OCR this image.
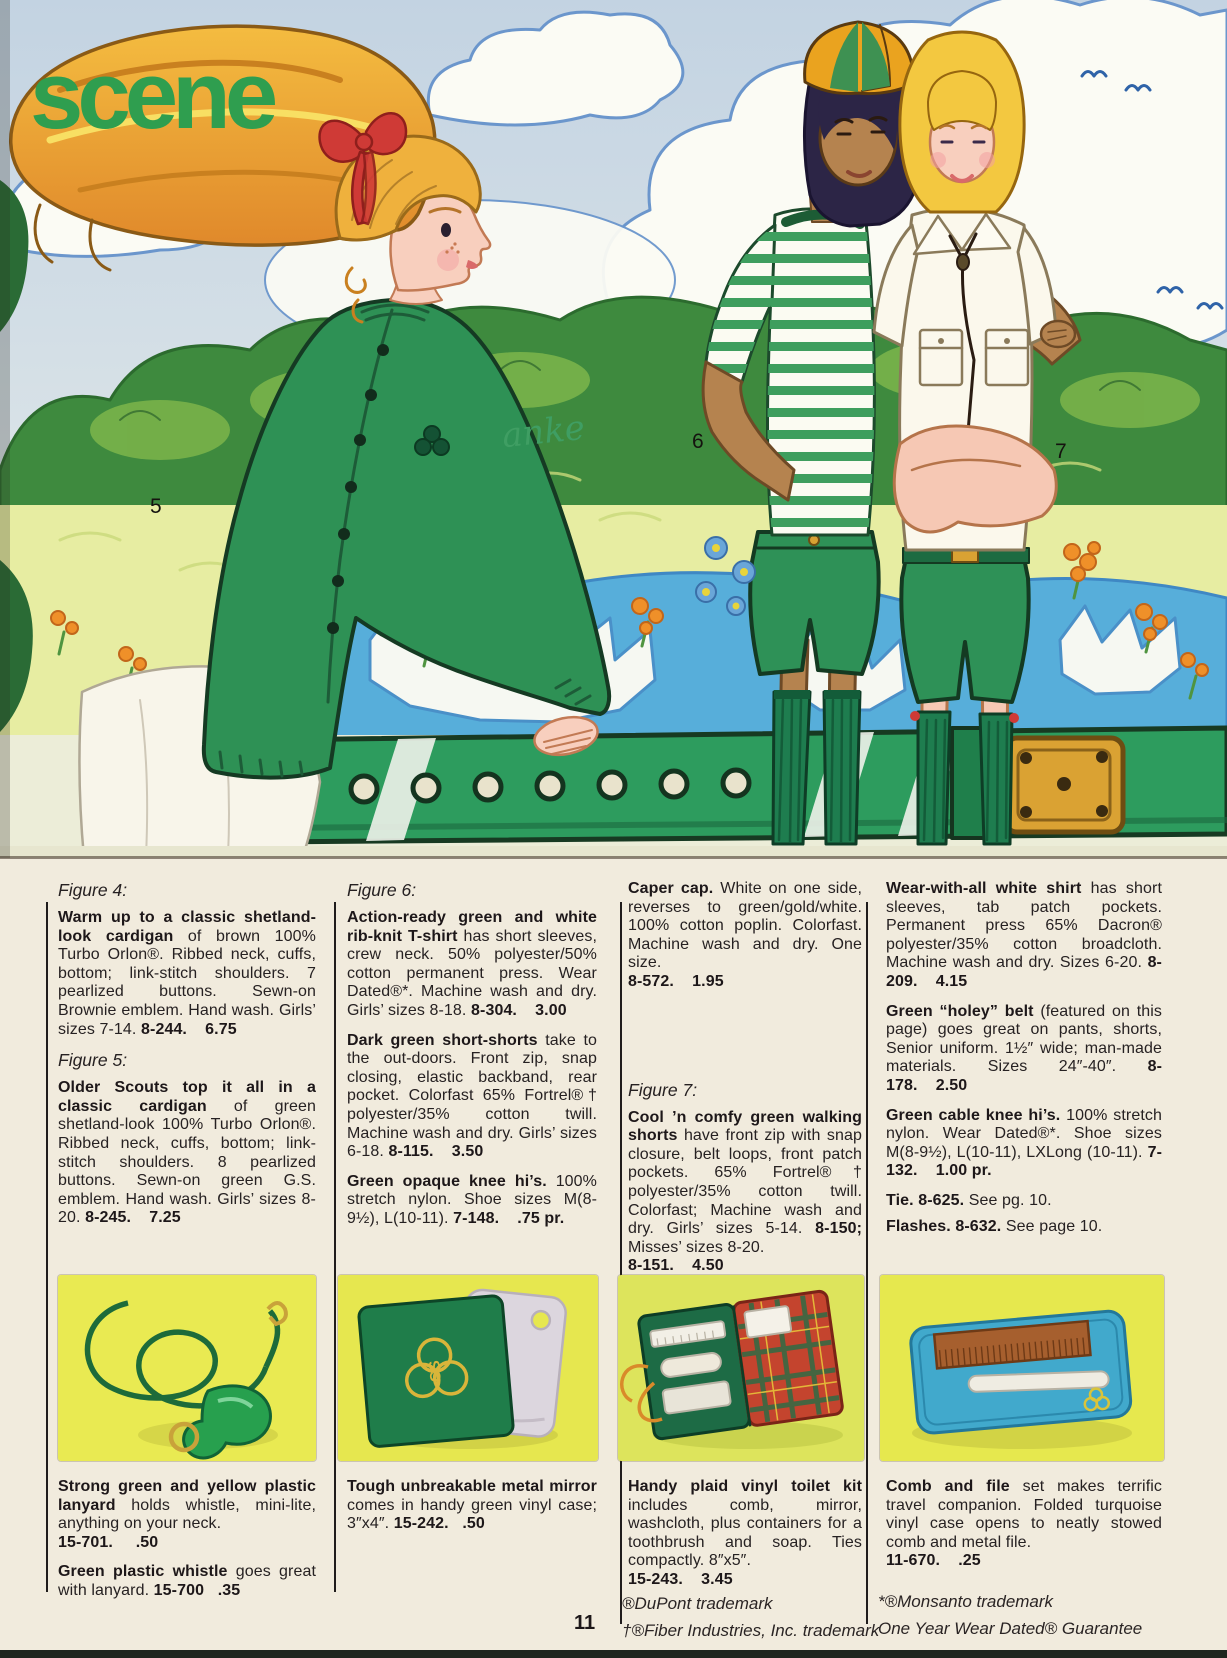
scene
anke
5
6	7

Figure 4:

Warm up to a classic shetland-look cardigan of brown 100% Turbo Orlon®. Ribbed neck, cuffs, bottom; link-stitch shoulders. 7 pearlized buttons. Sewn-on Brownie emblem. Hand wash. Girls’ sizes 7-14. 8-244.    6.75

Figure 5:

Older Scouts top it all in a classic cardigan of green shetland-look 100% Turbo Orlon®. Ribbed neck, cuffs, bottom; link-stitch shoulders. 8 pearlized buttons. Sewn-on green G.S. emblem. Hand wash. Girls’ sizes 8-20. 8-245.    7.25

Strong green and yellow plastic lanyard holds whistle, mini-lite, anything on your neck.
15-701.     .50

Green plastic whistle goes great with lanyard. 15-700   .35

Figure 6:

Action-ready green and white rib-knit T-shirt has short sleeves, crew neck. 50% polyester/50% cotton permanent press. Wear Dated®*. Machine wash and dry. Girls’ sizes 8-18. 8-304.    3.00

Dark green short-shorts take to the out-doors. Front zip, snap closing, elastic backband, rear pocket. Colorfast 65% Fortrel®† polyester/35% cotton twill. Machine wash and dry. Girls’ sizes 6-18. 8-115.    3.50

Green opaque knee hi’s. 100% stretch nylon. Shoe sizes M(8-9½), L(10-11). 7-148.    .75 pr.

GS

Tough unbreakable metal mirror comes in handy green vinyl case; 3″x4″. 15-242.   .50

Caper cap. White on one side, reverses to green/gold/white. 100% cotton poplin. Colorfast. Machine wash and dry. One size.
8-572.    1.95

Figure 7:

Cool ’n comfy green walking shorts have front zip with snap closure, belt loops, front patch pockets. 65% Fortrel®† polyester/35% cotton twill. Colorfast; Machine wash and dry. Girls’ sizes 5-14. 8-150; Misses’ sizes 8-20.
8-151.    4.50

Handy plaid vinyl toilet kit includes comb, mirror, washcloth, plus containers for a toothbrush and soap. Ties compactly. 8″x5″.
15-243.    3.45

Wear-with-all white shirt has short sleeves, tab patch pockets. Permanent press 65% Dacron® polyester/35% cotton broadcloth. Machine wash and dry. Sizes 6-20. 8-209.    4.15

Green “holey” belt (featured on this page) goes great on pants, shorts, Senior uniform. 1½″ wide; man-made materials. Sizes 24″-40″. 8-178.    2.50

Green cable knee hi’s. 100% stretch nylon. Wear Dated®*. Shoe sizes M(8-9½), L(10-11), LXLong (10-11). 7-132.    1.00 pr.

Tie. 8-625. See pg. 10.

Flashes. 8-632. See page 10.

Comb and file set makes terrific travel companion. Folded turquoise vinyl case opens to neatly stowed comb and metal file.
11-670.    .25

11
®DuPont trademark
†®Fiber Industries, Inc. trademark
*®Monsanto trademark
One Year Wear Dated® Guarantee
